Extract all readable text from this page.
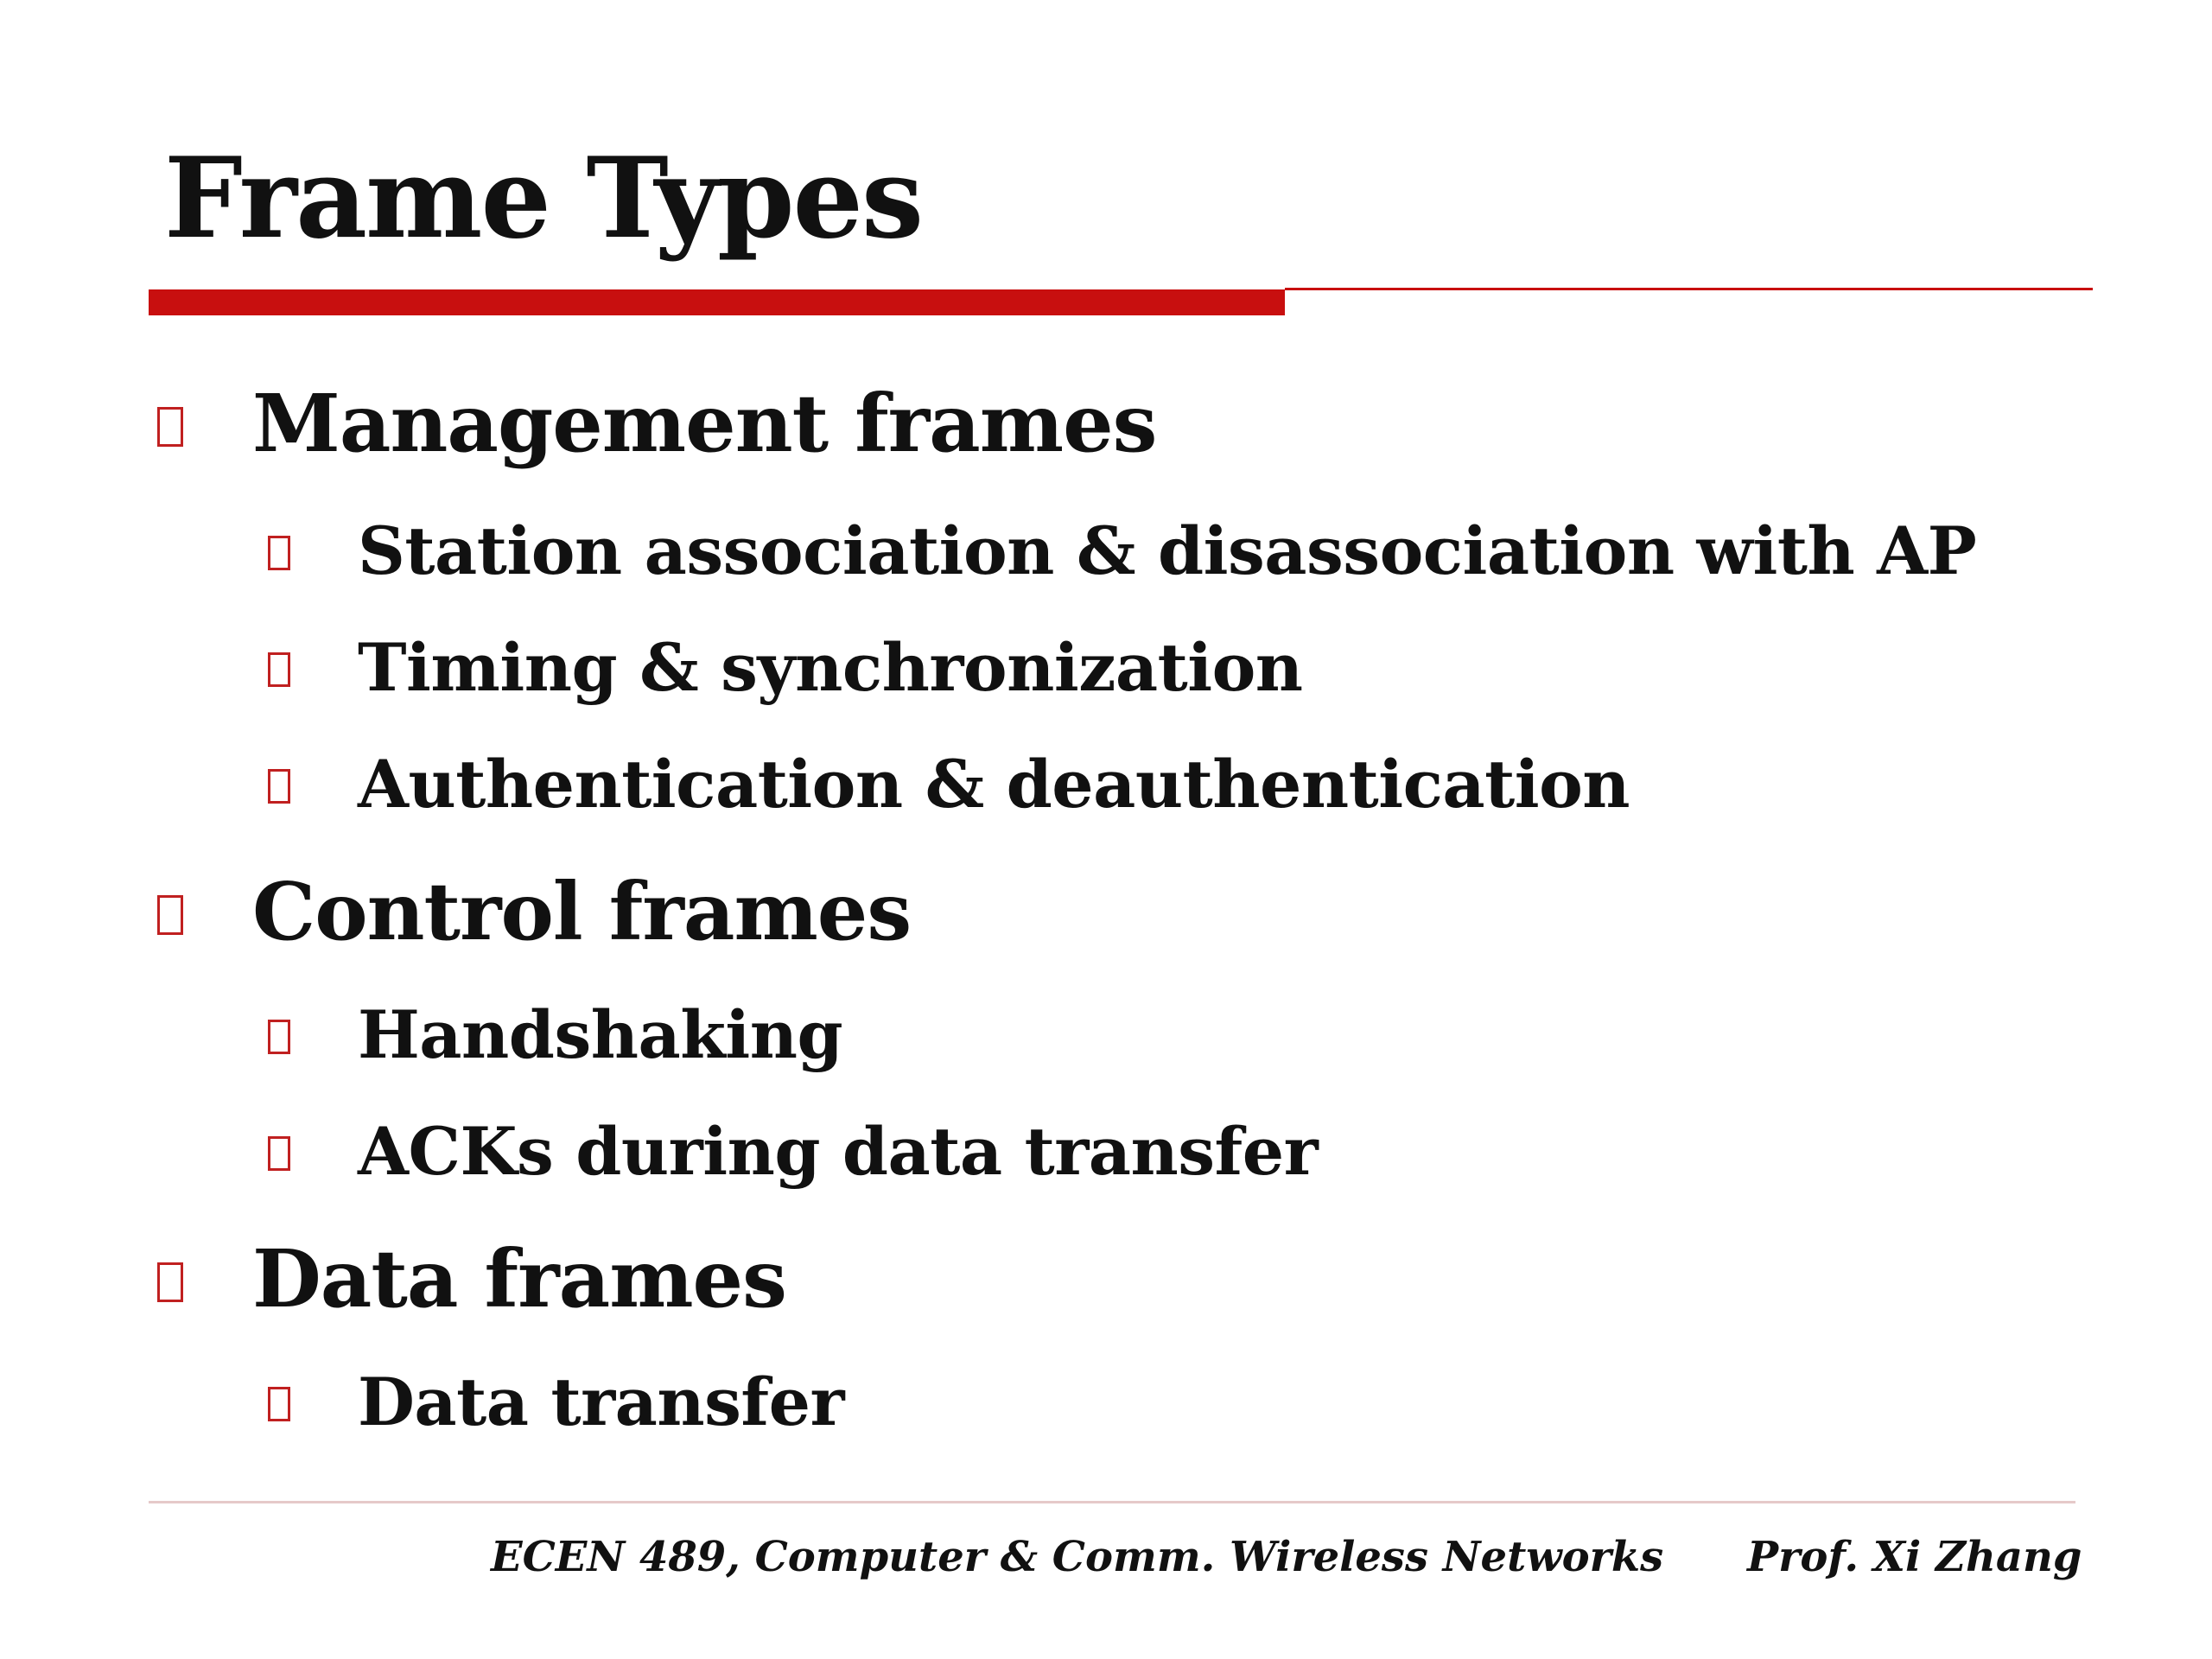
Frame Types
Management frames
Station association & disassociation with AP
Timing & synchronization
Authentication & deauthentication
Control frames
Handshaking
ACKs during data transfer
Data frames
Data transfer
ECEN 489, Computer & Comm. Wireless Networks Prof. Xi Zhang
